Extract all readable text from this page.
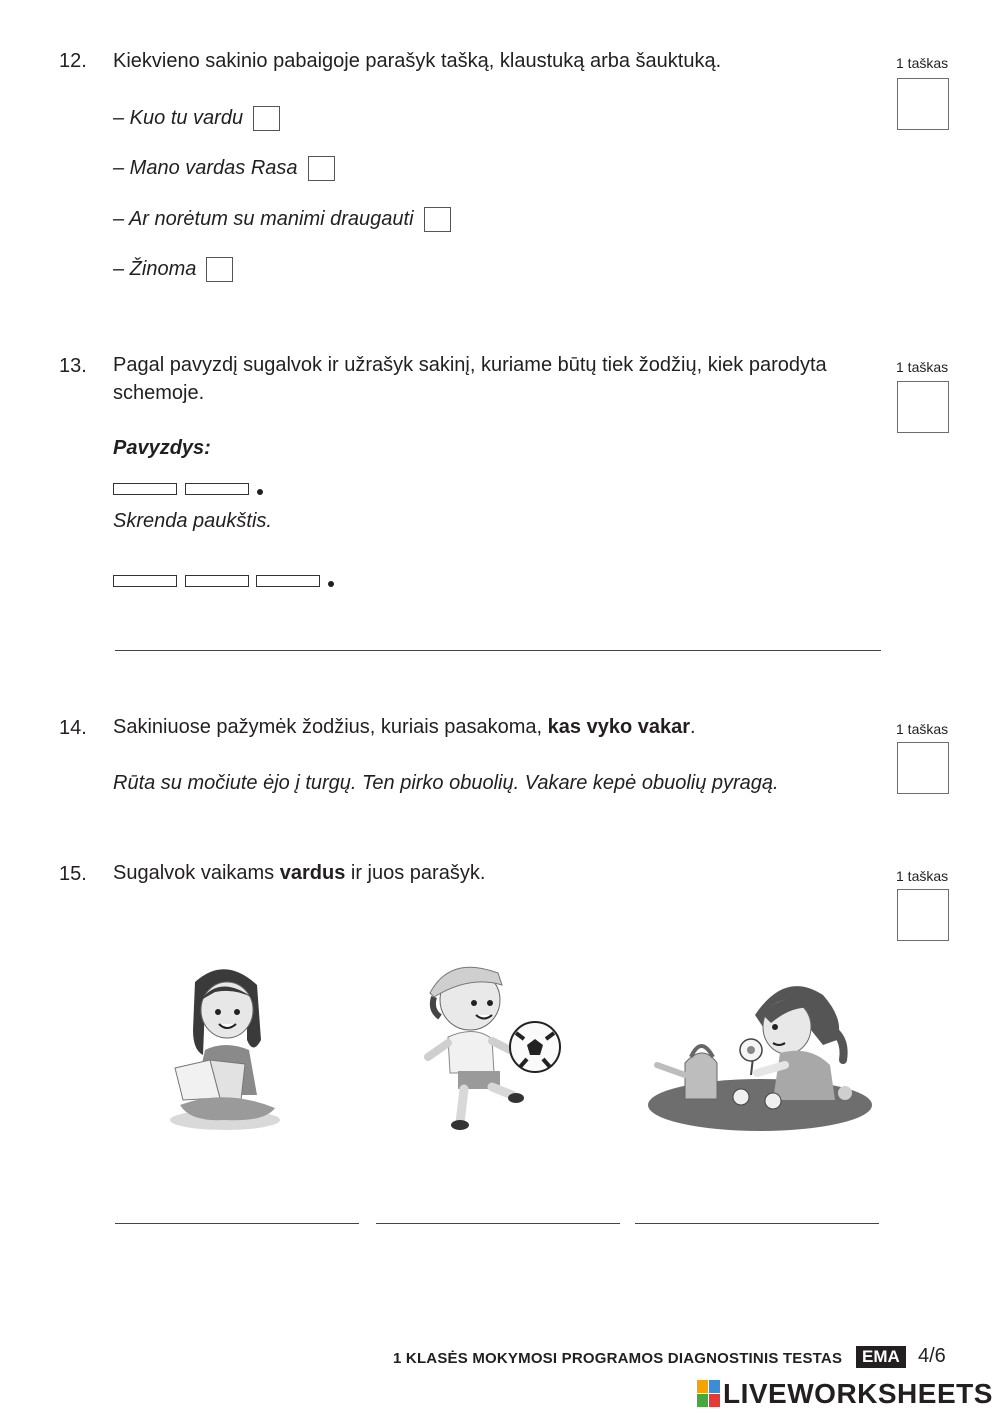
12. Kiekvieno sakinio pabaigoje parašyk tašką, klaustuką arba šauktuką.	1 taškas
– Kuo tu vardu
– Mano vardas Rasa
– Ar norėtum su manimi draugauti
– Žinoma
13. Pagal pavyzdį sugalvok ir užrašyk sakinį, kuriame būtų tiek žodžių, kiek parodyta
schemoje.
1 taškas
Pavyzdys:
Skrenda paukštis.
14. Sakiniuose pažymėk žodžius, kuriais pasakoma, kas vyko vakar.	1 taškas
Rūta su močiute ėjo į turgų. Ten pirko obuolių. Vakare kepė obuolių pyragą.
15. Sugalvok vaikams vardus ir juos parašyk.	1 taškas
1 KLASĖS MOKYMOSI PROGRAMOS DIAGNOSTINIS TESTAS	EMA 4/6
LIVEWORKSHEETS
